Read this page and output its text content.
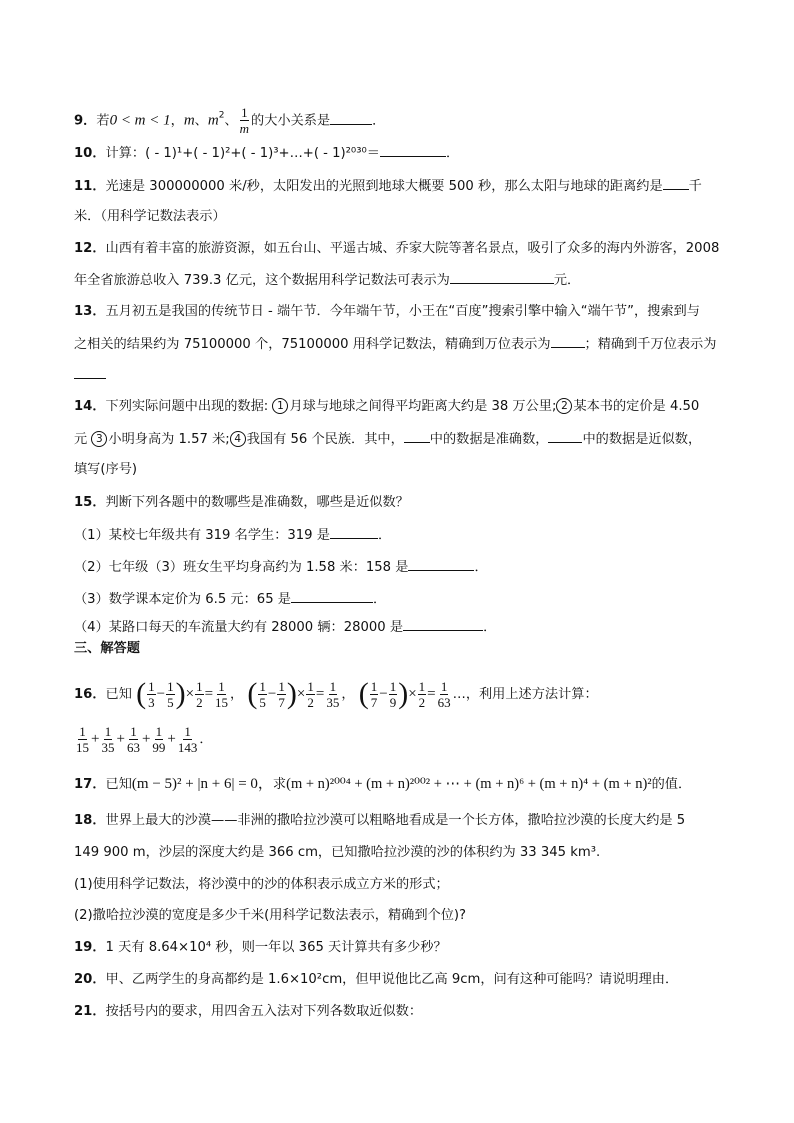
9．若0 < m < 1，m、$m^2$、 $\frac{1}{m}$ 的大小关系是	．
10．计算：( - 1)¹+( - 1)²+( - 1)³+…+( - 1)²⁰³⁰＝	．
11．光速是 300000000 米/秒，太阳发出的光照到地球大概要 500 秒，那么太阳与地球的距离约是 千
米．（用科学记数法表示）
12．山西有着丰富的旅游资源，如五台山、平遥古城、乔家大院等著名景点，吸引了众多的海内外游客，2008
年全省旅游总收入 739.3 亿元，这个数据用科学记数法可表示为	元．
13．五月初五是我国的传统节日 - 端午节．今年端午节，小王在“百度”搜索引擎中输入“端午节”，搜索到与
之相关的结果约为 75100000 个，75100000 用科学记数法，精确到万位表示为	；精确到千万位表示为
14．下列实际问题中出现的数据: 1 月球与地球之间得平均距离大约是 38 万公里; 2 某本书的定价是 4.50
元 3 小明身高为 1.57 米; 4 我国有 56 个民族．其中， 中的数据是准确数，	中的数据是近似数，
填写(序号)
15．判断下列各题中的数哪些是准确数，哪些是近似数？
（1）某校七年级共有 319 名学生：319 是	．
（2）七年级（3）班女生平均身高约为 1.58 米：158 是	．
（3）数学课本定价为 6.5 元：65 是	．
（4）某路口每天的车流量大约有 28000 辆：28000 是	．
三、解答题
16．已知 ( $\frac{1}{3} - \frac{1}{5}$ )× $\frac{1}{2} = \frac{1}{15}$ ， ( $\frac{1}{5} - \frac{1}{7}$ )× $\frac{1}{2} = \frac{1}{35}$ ， ( $\frac{1}{7} - \frac{1}{9}$ )× $\frac{1}{2} = \frac{1}{63}$ …，利用上述方法计算：
$\frac{1}{15} + \frac{1}{35} + \frac{1}{63} + \frac{1}{99} + \frac{1}{143}$ ．
17．已知(m − 5)² + |n + 6| = 0，求(m + n)²⁰⁰⁴ + (m + n)²⁰⁰² + ⋯ + (m + n)⁶ + (m + n)⁴ + (m + n)²的值．
18．世界上最大的沙漠——非洲的撒哈拉沙漠可以粗略地看成是一个长方体，撒哈拉沙漠的长度大约是 5
149 900 m，沙层的深度大约是 366 cm，已知撒哈拉沙漠的沙的体积约为 33 345 km³.
(1)使用科学记数法，将沙漠中的沙的体积表示成立方米的形式；
(2)撒哈拉沙漠的宽度是多少千米(用科学记数法表示，精确到个位)?
19．1 天有 8.64×10⁴ 秒，则一年以 365 天计算共有多少秒？
20．甲、乙两学生的身高都约是 1.6×10²cm，但甲说他比乙高 9cm，问有这种可能吗？请说明理由．
21．按括号内的要求，用四舍五入法对下列各数取近似数：
